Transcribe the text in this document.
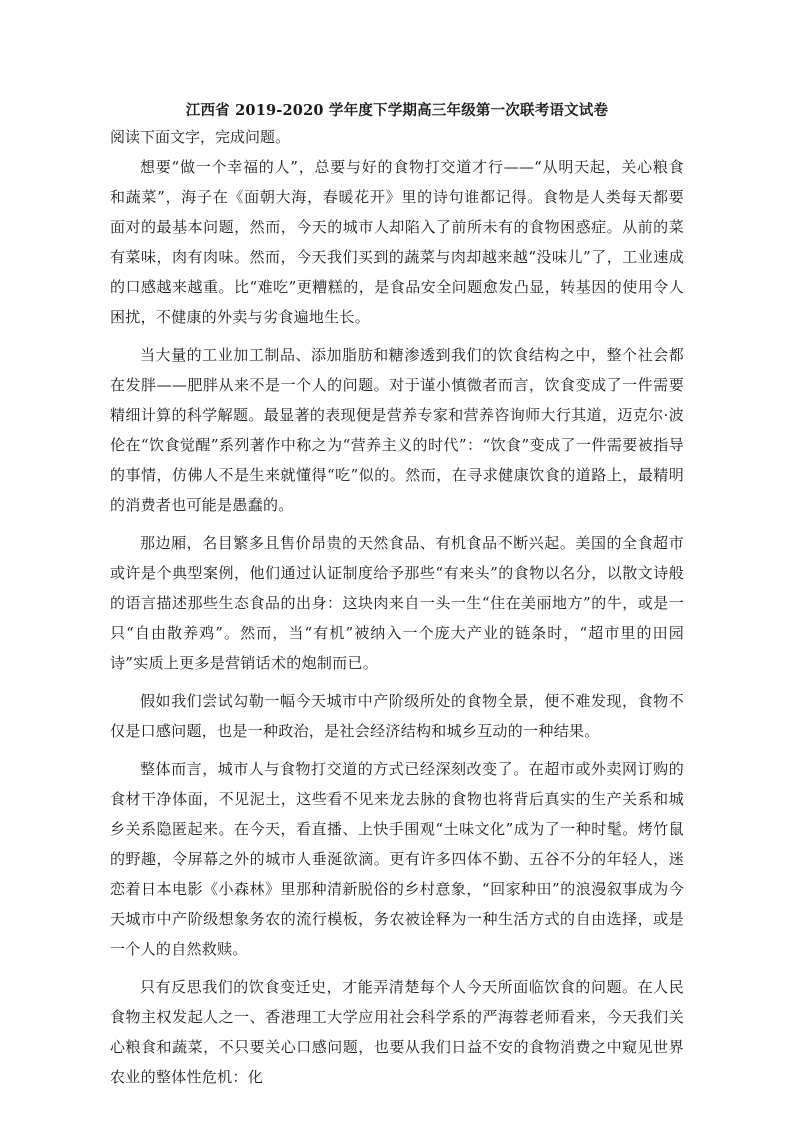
江西省 2019-2020 学年度下学期高三年级第一次联考语文试卷

阅读下面文字，完成问题。

想要“做一个幸福的人”，总要与好的食物打交道才行——“从明天起，关心粮食和蔬菜”，海子在《面朝大海，春暖花开》里的诗句谁都记得。食物是人类每天都要面对的最基本问题，然而，今天的城市人却陷入了前所未有的食物困惑症。从前的菜有菜味，肉有肉味。然而，今天我们买到的蔬菜与肉却越来越“没味儿”了，工业速成的口感越来越重。比“难吃”更糟糕的，是食品安全问题愈发凸显，转基因的使用令人困扰，不健康的外卖与劣食遍地生长。

当大量的工业加工制品、添加脂肪和糖渗透到我们的饮食结构之中，整个社会都在发胖——肥胖从来不是一个人的问题。对于谨小慎微者而言，饮食变成了一件需要精细计算的科学解题。最显著的表现便是营养专家和营养咨询师大行其道，迈克尔·波伦在“饮食觉醒”系列著作中称之为“营养主义的时代”：“饮食”变成了一件需要被指导的事情，仿佛人不是生来就懂得“吃”似的。然而，在寻求健康饮食的道路上，最精明的消费者也可能是愚蠢的。

那边厢，名目繁多且售价昂贵的天然食品、有机食品不断兴起。美国的全食超市或许是个典型案例，他们通过认证制度给予那些“有来头”的食物以名分，以散文诗般的语言描述那些生态食品的出身：这块肉来自一头一生“住在美丽地方”的牛，或是一只“自由散养鸡”。然而，当“有机”被纳入一个庞大产业的链条时，“超市里的田园诗”实质上更多是营销话术的炮制而已。

假如我们尝试勾勒一幅今天城市中产阶级所处的食物全景，便不难发现，食物不仅是口感问题，也是一种政治，是社会经济结构和城乡互动的一种结果。

整体而言，城市人与食物打交道的方式已经深刻改变了。在超市或外卖网订购的食材干净体面，不见泥土，这些看不见来龙去脉的食物也将背后真实的生产关系和城乡关系隐匿起来。在今天，看直播、上快手围观“土味文化”成为了一种时髦。烤竹鼠的野趣，令屏幕之外的城市人垂涎欲滴。更有许多四体不勤、五谷不分的年轻人，迷恋着日本电影《小森林》里那种清新脱俗的乡村意象，“回家种田”的浪漫叙事成为今天城市中产阶级想象务农的流行模板，务农被诠释为一种生活方式的自由选择，或是一个人的自然救赎。

只有反思我们的饮食变迁史，才能弄清楚每个人今天所面临饮食的问题。在人民食物主权发起人之一、香港理工大学应用社会科学系的严海蓉老师看来，今天我们关心粮食和蔬菜，不只要关心口感问题，也要从我们日益不安的食物消费之中窥见世界农业的整体性危机：化
